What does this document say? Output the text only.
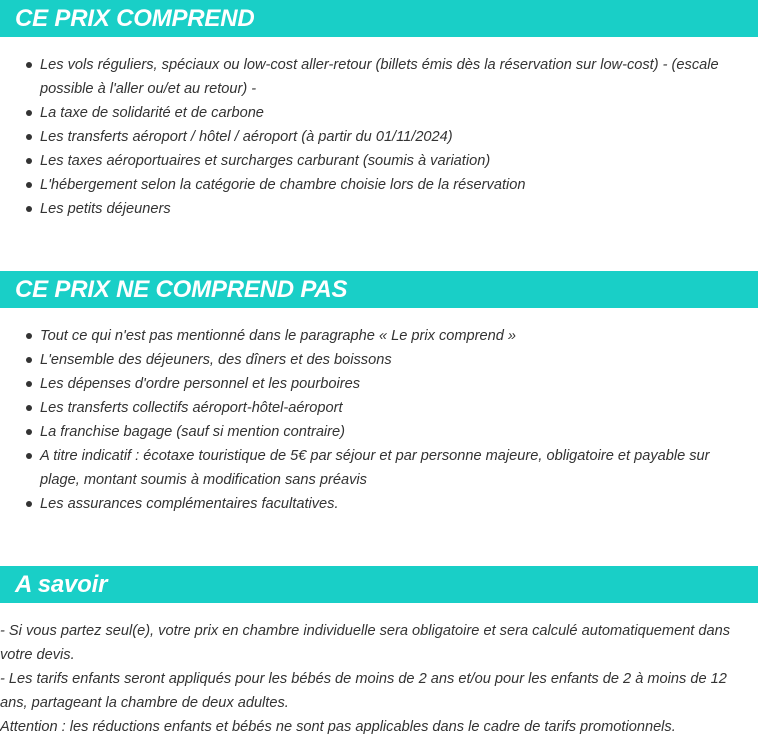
CE PRIX COMPREND
Les vols réguliers, spéciaux ou low-cost aller-retour (billets émis dès la réservation sur low-cost) - (escale possible à l'aller ou/et au retour) -
La taxe de solidarité et de carbone
Les transferts aéroport / hôtel / aéroport (à partir du 01/11/2024)
Les taxes aéroportuaires et surcharges carburant (soumis à variation)
L'hébergement selon la catégorie de chambre choisie lors de la réservation
Les petits déjeuners
CE PRIX NE COMPREND PAS
Tout ce qui n'est pas mentionné dans le paragraphe « Le prix comprend »
L'ensemble des déjeuners, des dîners et des boissons
Les dépenses d'ordre personnel et les pourboires
Les transferts collectifs aéroport-hôtel-aéroport
La franchise bagage (sauf si mention contraire)
A titre indicatif : écotaxe touristique de 5€ par séjour et par personne majeure, obligatoire et payable sur plage, montant soumis à modification sans préavis
Les assurances complémentaires facultatives.
A savoir

- Si vous partez seul(e), votre prix en chambre individuelle sera obligatoire et sera calculé automatiquement dans votre devis.

- Les tarifs enfants seront appliqués pour les bébés de moins de 2 ans et/ou pour les enfants de 2 à moins de 12 ans, partageant la chambre de deux adultes.

Attention : les réductions enfants et bébés ne sont pas applicables dans le cadre de tarifs promotionnels.
